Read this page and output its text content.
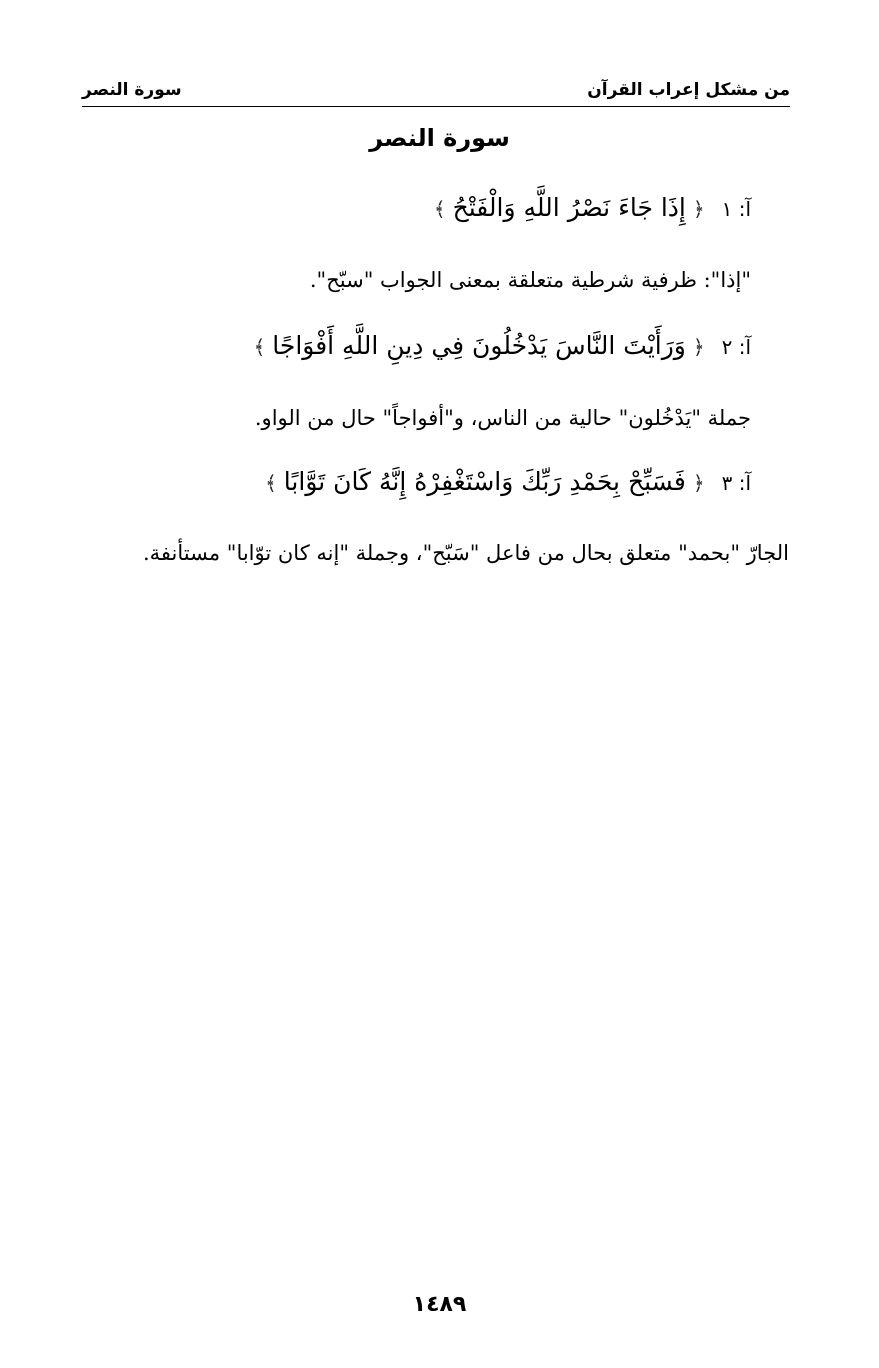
من مشكل إعراب القرآن
سورة النصر
سورة النصر
آ: ١ ﴿ إِذَا جَاءَ نَصْرُ اللَّهِ وَالْفَتْحُ ﴾
"إذا": ظرفية شرطية متعلقة بمعنى الجواب "سبّح".
آ: ٢ ﴿ وَرَأَيْتَ النَّاسَ يَدْخُلُونَ فِي دِينِ اللَّهِ أَفْوَاجًا ﴾
جملة "يَدْخُلون" حالية من الناس، و"أفواجاً" حال من الواو.
آ: ٣ ﴿ فَسَبِّحْ بِحَمْدِ رَبِّكَ وَاسْتَغْفِرْهُ إِنَّهُ كَانَ تَوَّابًا ﴾
الجارّ "بحمد" متعلق بحال من فاعل "سَبّح"، وجملة "إنه كان توّابا" مستأنفة.
١٤٨٩
